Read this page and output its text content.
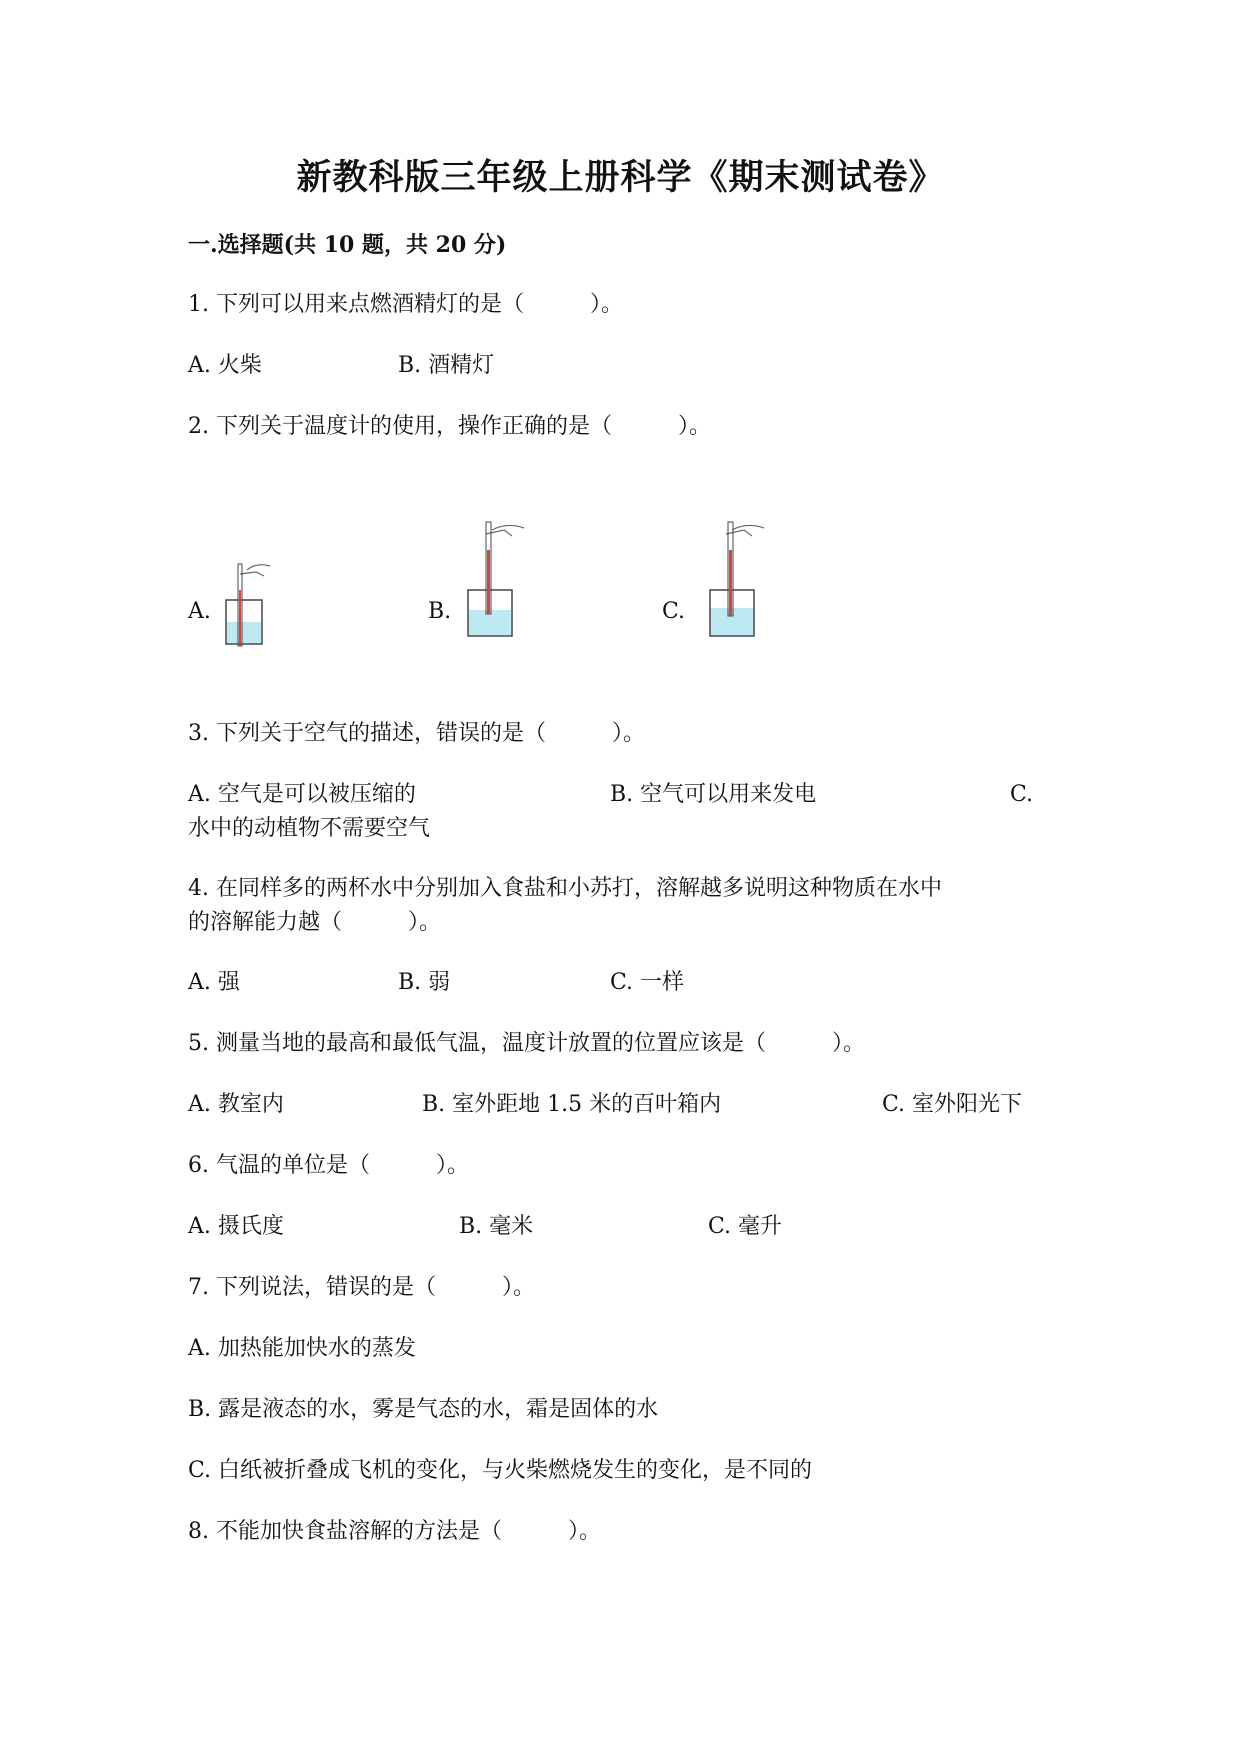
新教科版三年级上册科学《期末测试卷》
一.选择题(共 10 题，共 20 分)
1. 下列可以用来点燃酒精灯的是（　　　）。
A. 火柴	B. 酒精灯
2. 下列关于温度计的使用，操作正确的是（　　　）。
A.	B.	C.
3. 下列关于空气的描述，错误的是（　　　）。
A. 空气是可以被压缩的	B. 空气可以用来发电	C.
水中的动植物不需要空气
4. 在同样多的两杯水中分别加入食盐和小苏打，溶解越多说明这种物质在水中
的溶解能力越（　　　）。
A. 强	B. 弱	C. 一样
5. 测量当地的最高和最低气温，温度计放置的位置应该是（　　　）。
A. 教室内	B. 室外距地 1.5 米的百叶箱内	C. 室外阳光下
6. 气温的单位是（　　　）。
A. 摄氏度	B. 毫米	C. 毫升
7. 下列说法，错误的是（　　　）。
A. 加热能加快水的蒸发
B. 露是液态的水，雾是气态的水，霜是固体的水
C. 白纸被折叠成飞机的变化，与火柴燃烧发生的变化，是不同的
8. 不能加快食盐溶解的方法是（　　　）。
